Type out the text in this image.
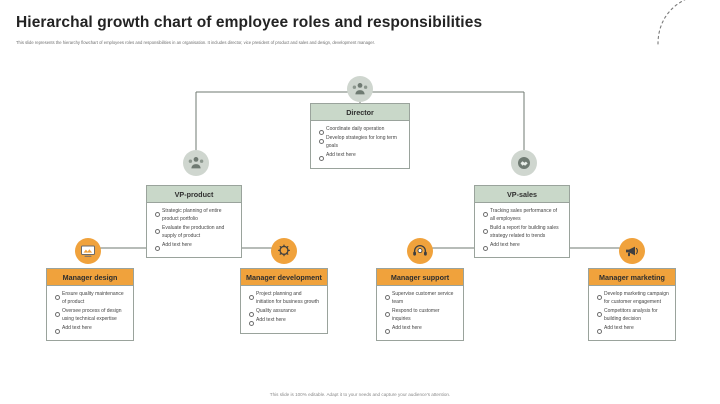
Hierarchal growth chart of employee roles and responsibilities
This slide represents the hierarchy flowchart of employees roles and responsibilities in an organisation. It includes director, vice president of product and sales and design, development manager.
Director
Coordinate daily operation
Develop strategies for long term goals
Add text here
VP-product
Strategic planning of entire product portfolio
Evaluate the production and supply of product
Add text here
VP-sales
Tracking sales performance of all employees
Build a report for building sales strategy related to trends
Add text here
Manager design
Ensure quality maintenance of product
Oversee process of design using technical expertise
Add text here
Manager development
Project planning and initiation for business growth
Quality assurance
Add text here
Manager support
Supervise customer service team
Respond to customer inquiries
Add text here
Manager marketing
Develop marketing campaign for customer engagement
Competitors analysis for building decision
Add text here
This slide is 100% editable. Adapt it to your needs and capture your audience's attention.
